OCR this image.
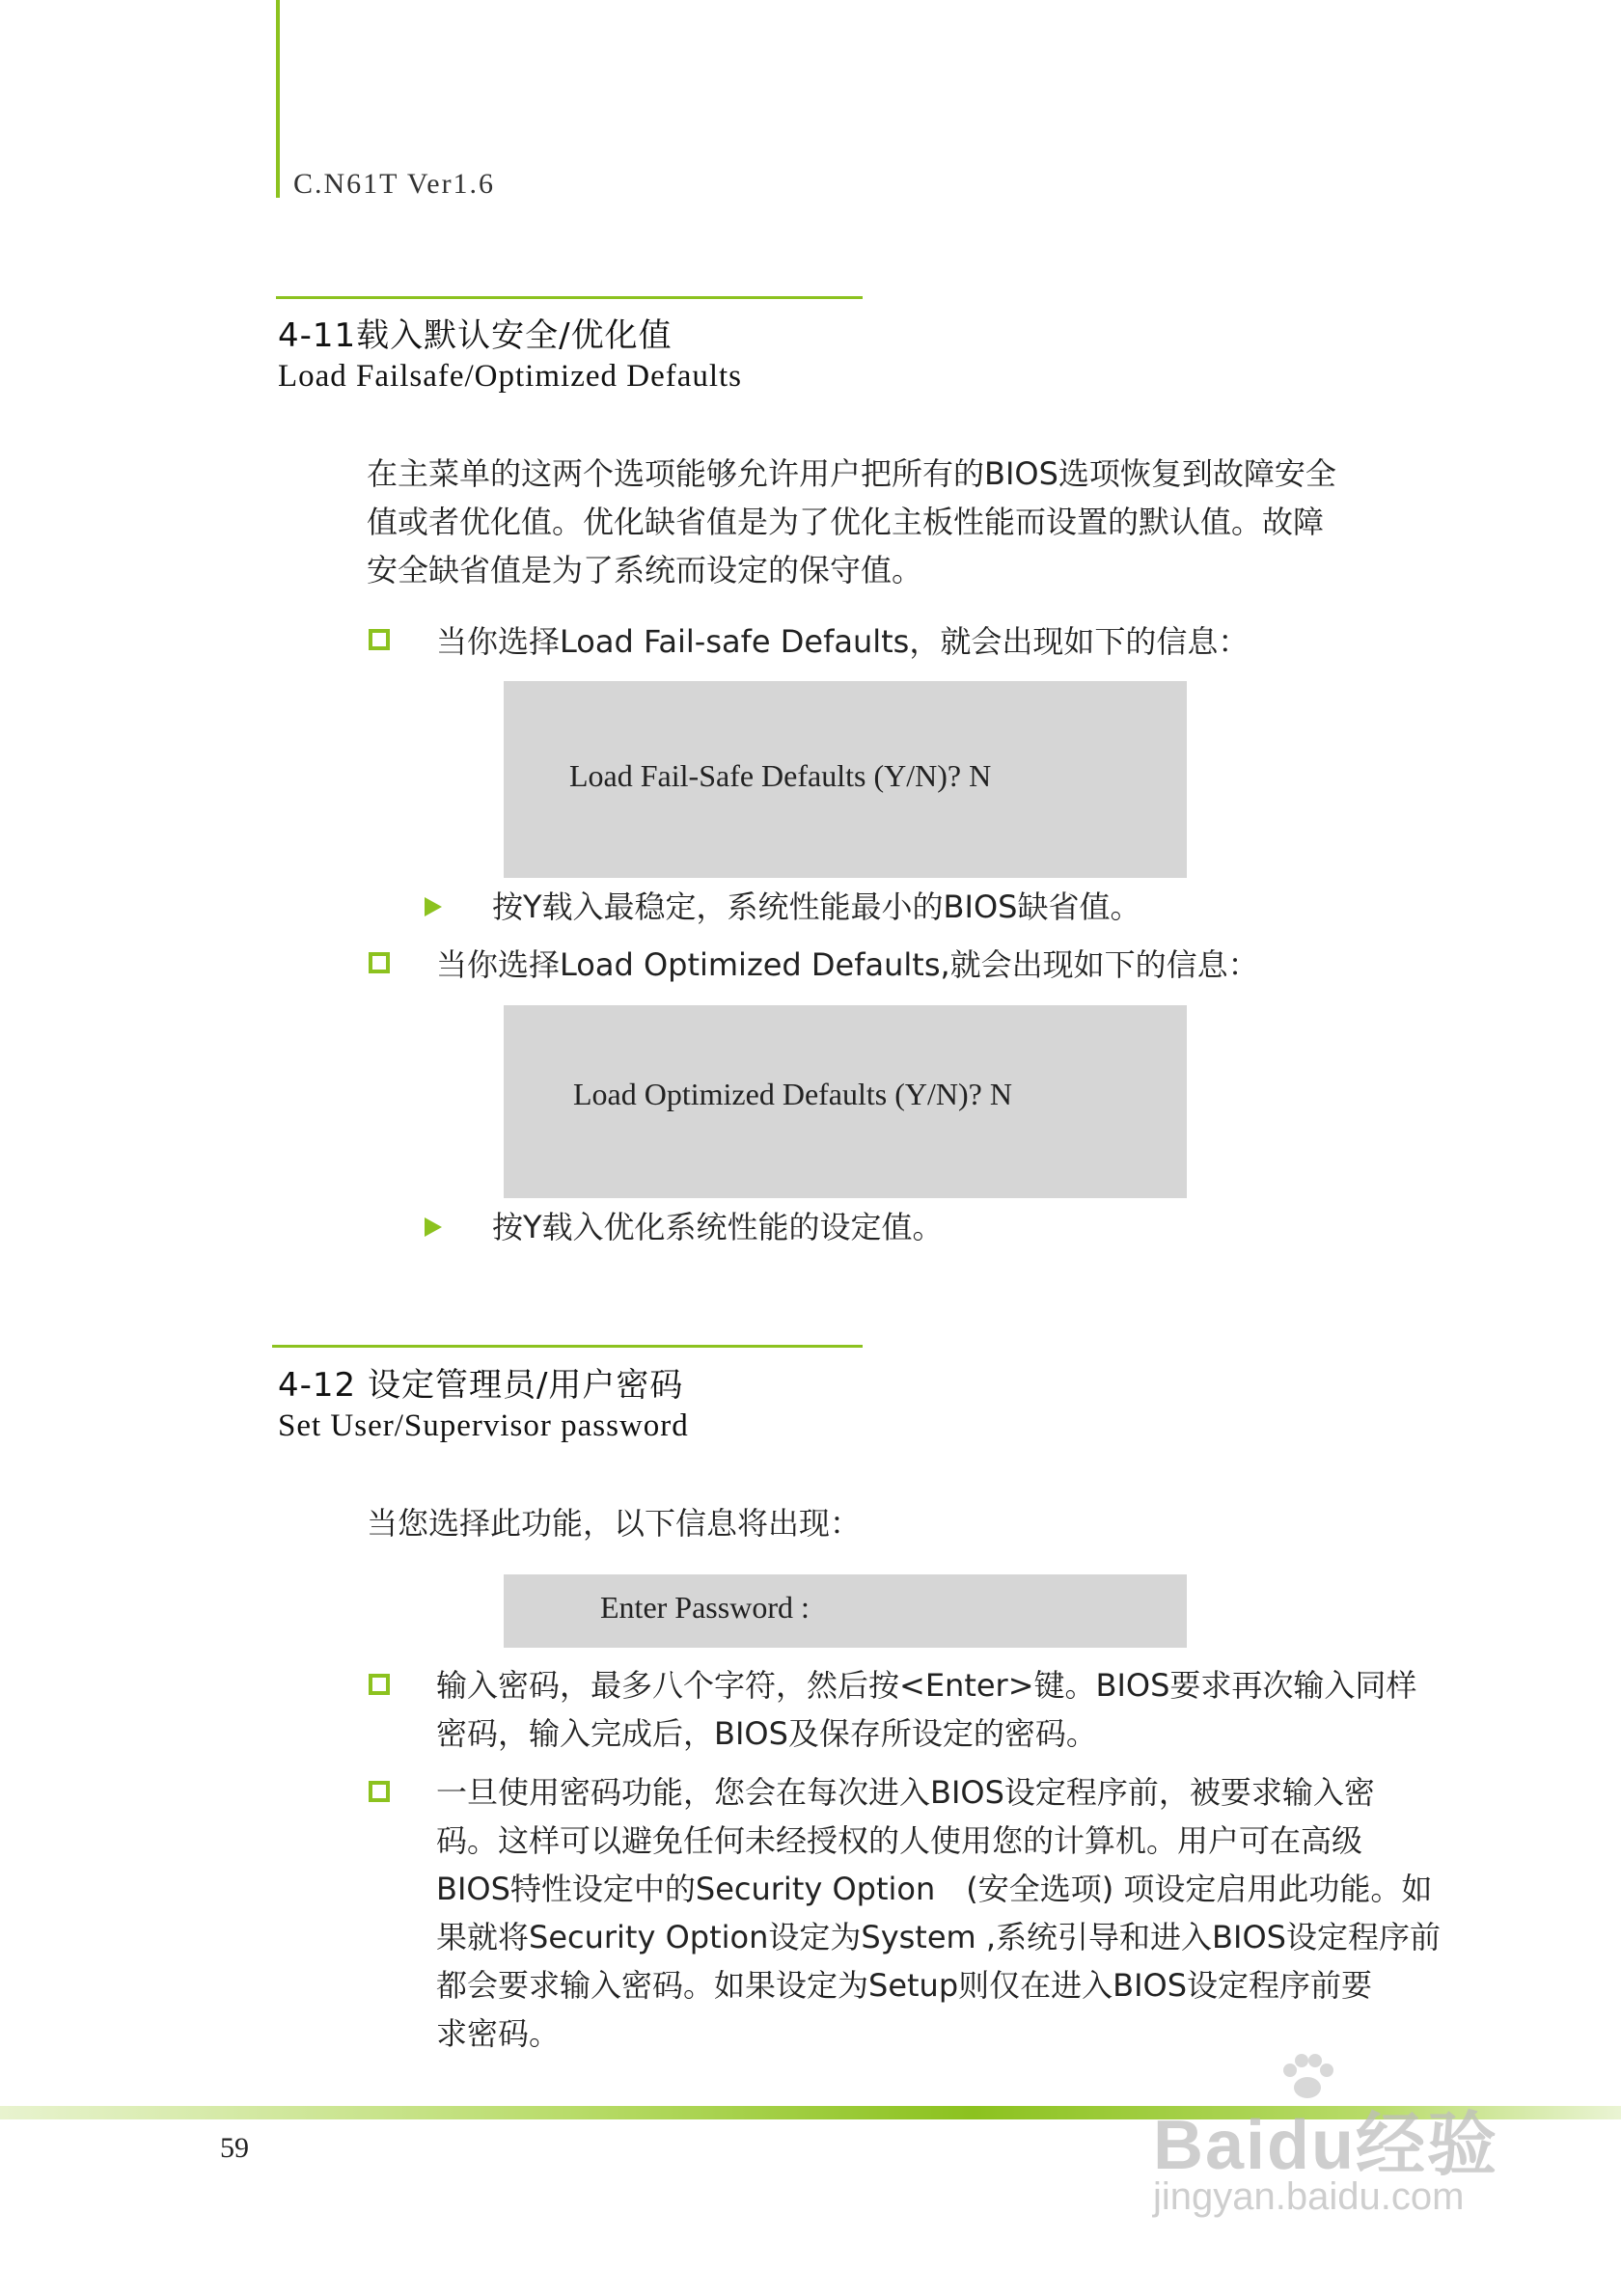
C.N61T Ver1.6
4-11载入默认安全/优化值
Load Failsafe/Optimized Defaults
在主菜单的这两个选项能够允许用户把所有的BIOS选项恢复到故障安全
值或者优化值。优化缺省值是为了优化主板性能而设置的默认值。故障
安全缺省值是为了系统而设定的保守值。
当你选择Load Fail-safe Defaults，就会出现如下的信息：
Load Fail-Safe Defaults (Y/N)? N
按Y载入最稳定，系统性能最小的BIOS缺省值。
当你选择Load Optimized Defaults,就会出现如下的信息：
Load Optimized Defaults (Y/N)? N
按Y载入优化系统性能的设定值。
4-12 设定管理员/用户密码
Set User/Supervisor password
当您选择此功能，以下信息将出现：
Enter Password :
输入密码，最多八个字符，然后按<Enter>键。BIOS要求再次输入同样
密码，输入完成后，BIOS及保存所设定的密码。
一旦使用密码功能，您会在每次进入BIOS设定程序前，被要求输入密
码。这样可以避免任何未经授权的人使用您的计算机。用户可在高级
BIOS特性设定中的Security Option　(安全选项) 项设定启用此功能。如
果就将Security Option设定为System ,系统引导和进入BIOS设定程序前
都会要求输入密码。如果设定为Setup则仅在进入BIOS设定程序前要
求密码。
59	Baidu经验
jingyan.baidu.com
